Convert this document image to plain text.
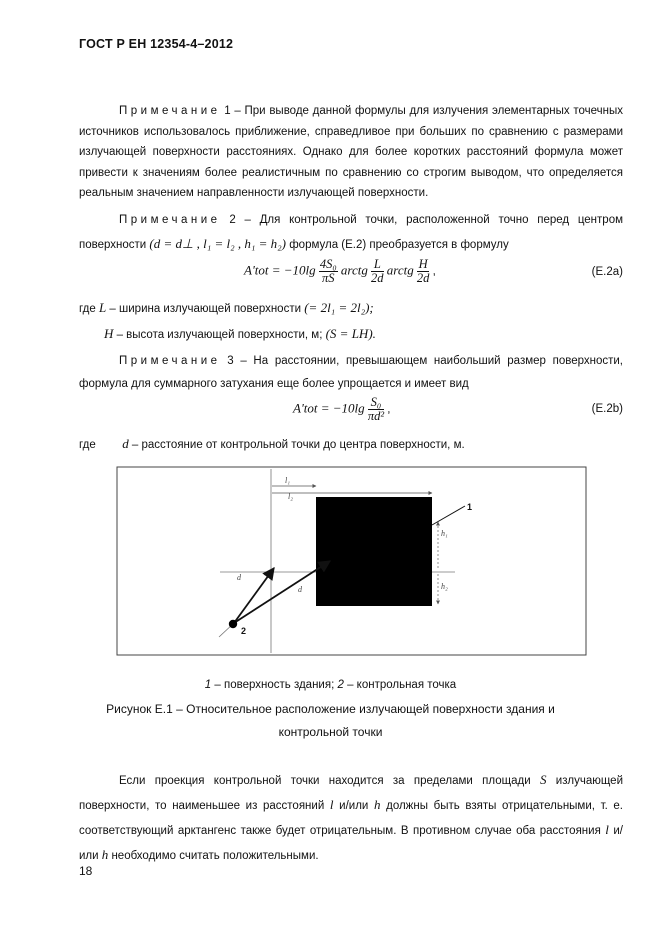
ГОСТ Р ЕН 12354-4–2012
Примечание 1 – При выводе данной формулы для излучения элементарных точечных источников использовалось приближение, справедливое при больших по сравнению с размерами излучающей поверхности расстояниях. Однако для более коротких расстояний формула может привести к значениям более реалистичным по сравнению со строгим выводом, что определяется реальным значением направленности излучающей поверхности.
Примечание 2 – Для контрольной точки, расположенной точно перед центром поверхности (d = d⊥ , l₁ = l₂ , h₁ = h₂) формула (Е.2) преобразуется в формулу
$A'tot = -10\lg \frac{\text{4S₀}}{\pi S}$ arctg $\frac{L}{2d}$ arctg $\frac{H}{2d}$ ,	(Е.2а)
где L – ширина излучающей поверхности (= 2l₁ = 2l₂);
H – высота излучающей поверхности, м; (S = LH).
Примечание 3 – На расстоянии, превышающем наибольший размер поверхности, формула для суммарного затухания еще более упрощается и имеет вид
$A'tot = -10\lg \frac{\text{S₀}}{\text{πd²}}$ ,	(Е.2b)
где d – расстояние от контрольной точки до центра поверхности, м.
l₁
l₂
h₁
h₂
1
d
d
2
1 – поверхность здания; 2 – контрольная точка
Рисунок Е.1 – Относительное расположение излучающей поверхности здания и
контрольной точки
Если проекция контрольной точки находится за пределами площади S излучающей поверхности, то наименьшее из расстояний l и/или h должны быть взяты отрицательными, т. е. соответствующий арктангенс также будет отрицательным. В противном случае оба расстояния l и/или h необходимо считать положительными.
18
